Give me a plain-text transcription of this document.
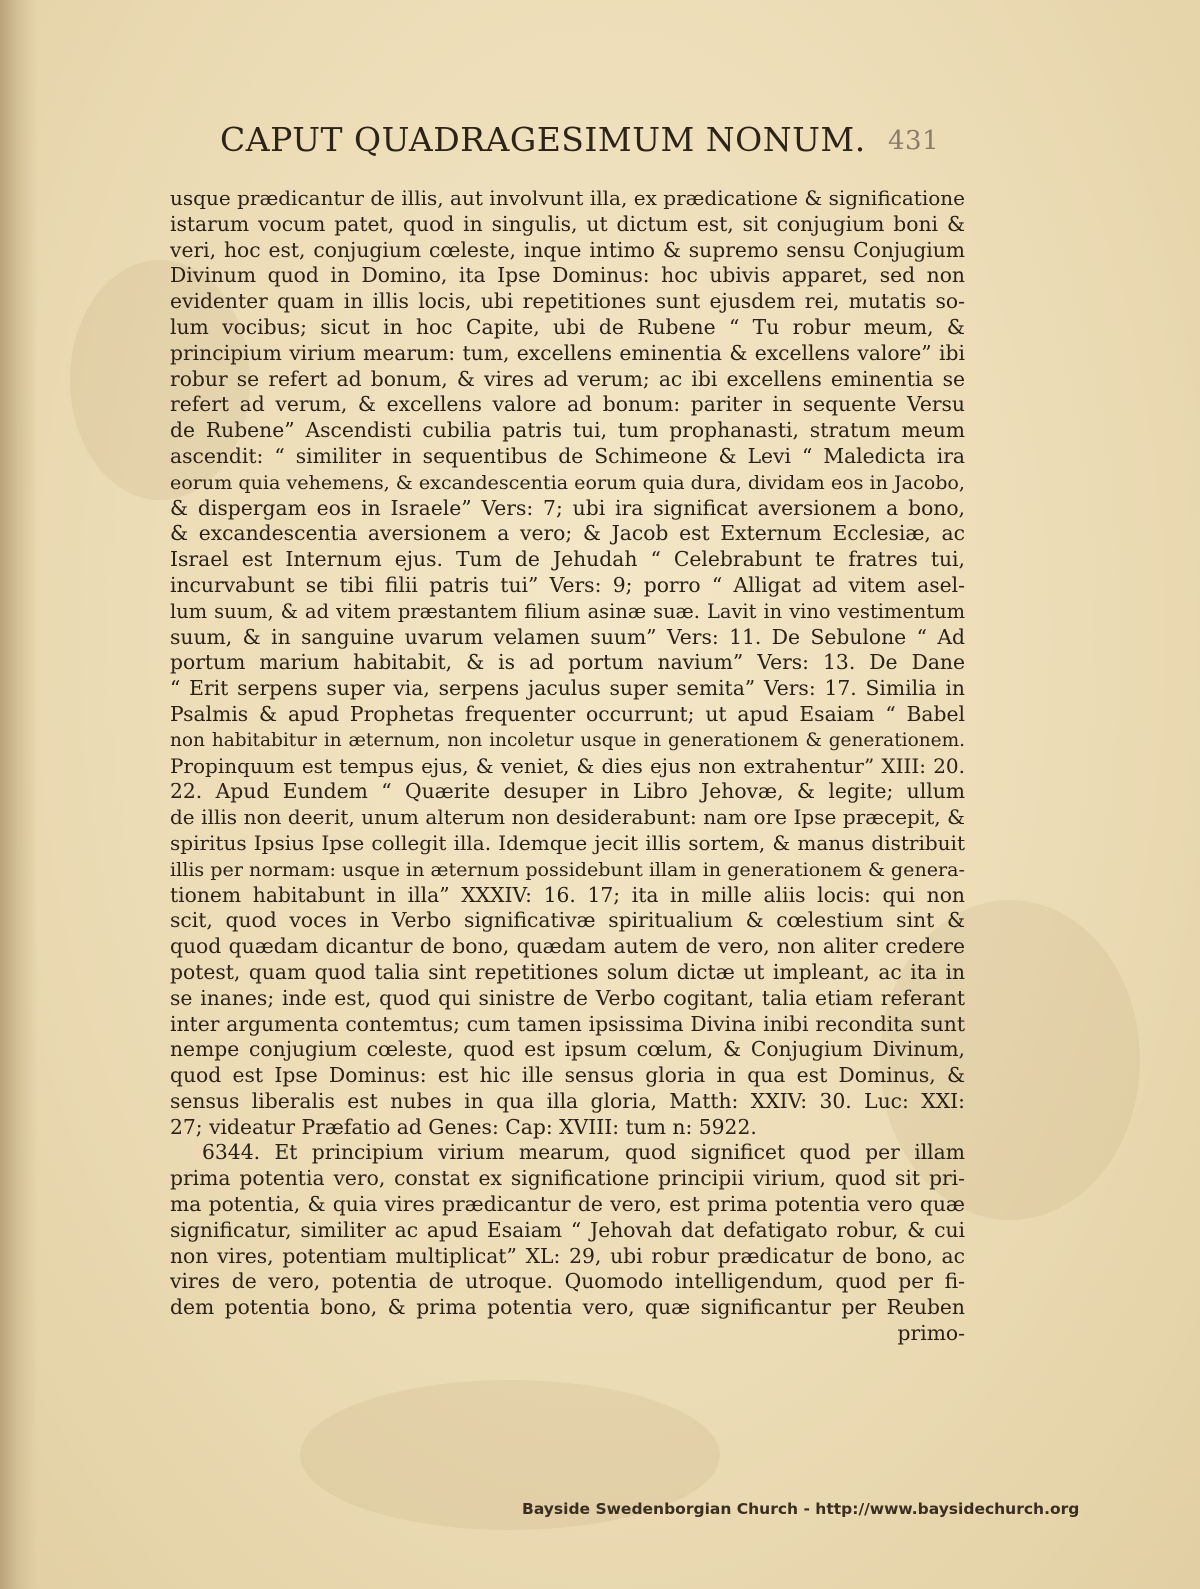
CAPUT QUADRAGESIMUM NONUM. 431
usque prædicantur de illis, aut involvunt illa, ex prædicatione & significatione
istarum vocum patet, quod in singulis, ut dictum est, sit conjugium boni &
veri, hoc est, conjugium cœleste, inque intimo & supremo sensu Conjugium
Divinum quod in Domino, ita Ipse Dominus: hoc ubivis apparet, sed non
evidenter quam in illis locis, ubi repetitiones sunt ejusdem rei, mutatis so-
lum vocibus; sicut in hoc Capite, ubi de Rubene “ Tu robur meum, &
principium virium mearum: tum, excellens eminentia & excellens valore” ibi
robur se refert ad bonum, & vires ad verum; ac ibi excellens eminentia se
refert ad verum, & excellens valore ad bonum: pariter in sequente Versu
de Rubene” Ascendisti cubilia patris tui, tum prophanasti, stratum meum
ascendit: “ similiter in sequentibus de Schimeone & Levi “ Maledicta ira
eorum quia vehemens, & excandescentia eorum quia dura, dividam eos in Jacobo,
& dispergam eos in Israele” Vers: 7; ubi ira significat aversionem a bono,
& excandescentia aversionem a vero; & Jacob est Externum Ecclesiæ, ac
Israel est Internum ejus. Tum de Jehudah “ Celebrabunt te fratres tui,
incurvabunt se tibi filii patris tui” Vers: 9; porro “ Alligat ad vitem asel-
lum suum, & ad vitem præstantem filium asinæ suæ. Lavit in vino vestimentum
suum, & in sanguine uvarum velamen suum” Vers: 11. De Sebulone “ Ad
portum marium habitabit, & is ad portum navium” Vers: 13. De Dane
“ Erit serpens super via, serpens jaculus super semita” Vers: 17. Similia in
Psalmis & apud Prophetas frequenter occurrunt; ut apud Esaiam “ Babel
non habitabitur in æternum, non incoletur usque in generationem & generationem.
Propinquum est tempus ejus, & veniet, & dies ejus non extrahentur” XIII: 20.
22. Apud Eundem “ Quærite desuper in Libro Jehovæ, & legite; ullum
de illis non deerit, unum alterum non desiderabunt: nam ore Ipse præcepit, &
spiritus Ipsius Ipse collegit illa. Idemque jecit illis sortem, & manus distribuit
illis per normam: usque in æternum possidebunt illam in generationem & genera-
tionem habitabunt in illa” XXXIV: 16. 17; ita in mille aliis locis: qui non
scit, quod voces in Verbo significativæ spiritualium & cœlestium sint &
quod quædam dicantur de bono, quædam autem de vero, non aliter credere
potest, quam quod talia sint repetitiones solum dictæ ut impleant, ac ita in
se inanes; inde est, quod qui sinistre de Verbo cogitant, talia etiam referant
inter argumenta contemtus; cum tamen ipsissima Divina inibi recondita sunt
nempe conjugium cœleste, quod est ipsum cœlum, & Conjugium Divinum,
quod est Ipse Dominus: est hic ille sensus gloria in qua est Dominus, &
sensus liberalis est nubes in qua illa gloria, Matth: XXIV: 30. Luc: XXI:
27; videatur Præfatio ad Genes: Cap: XVIII: tum n: 5922.
6344. Et principium virium mearum, quod significet quod per illam
prima potentia vero, constat ex significatione principii virium, quod sit pri-
ma potentia, & quia vires prædicantur de vero, est prima potentia vero quæ
significatur, similiter ac apud Esaiam “ Jehovah dat defatigato robur, & cui
non vires, potentiam multiplicat” XL: 29, ubi robur prædicatur de bono, ac
vires de vero, potentia de utroque. Quomodo intelligendum, quod per fi-
dem potentia bono, & prima potentia vero, quæ significantur per Reuben
primo-
Bayside Swedenborgian Church - http://www.baysidechurch.org
